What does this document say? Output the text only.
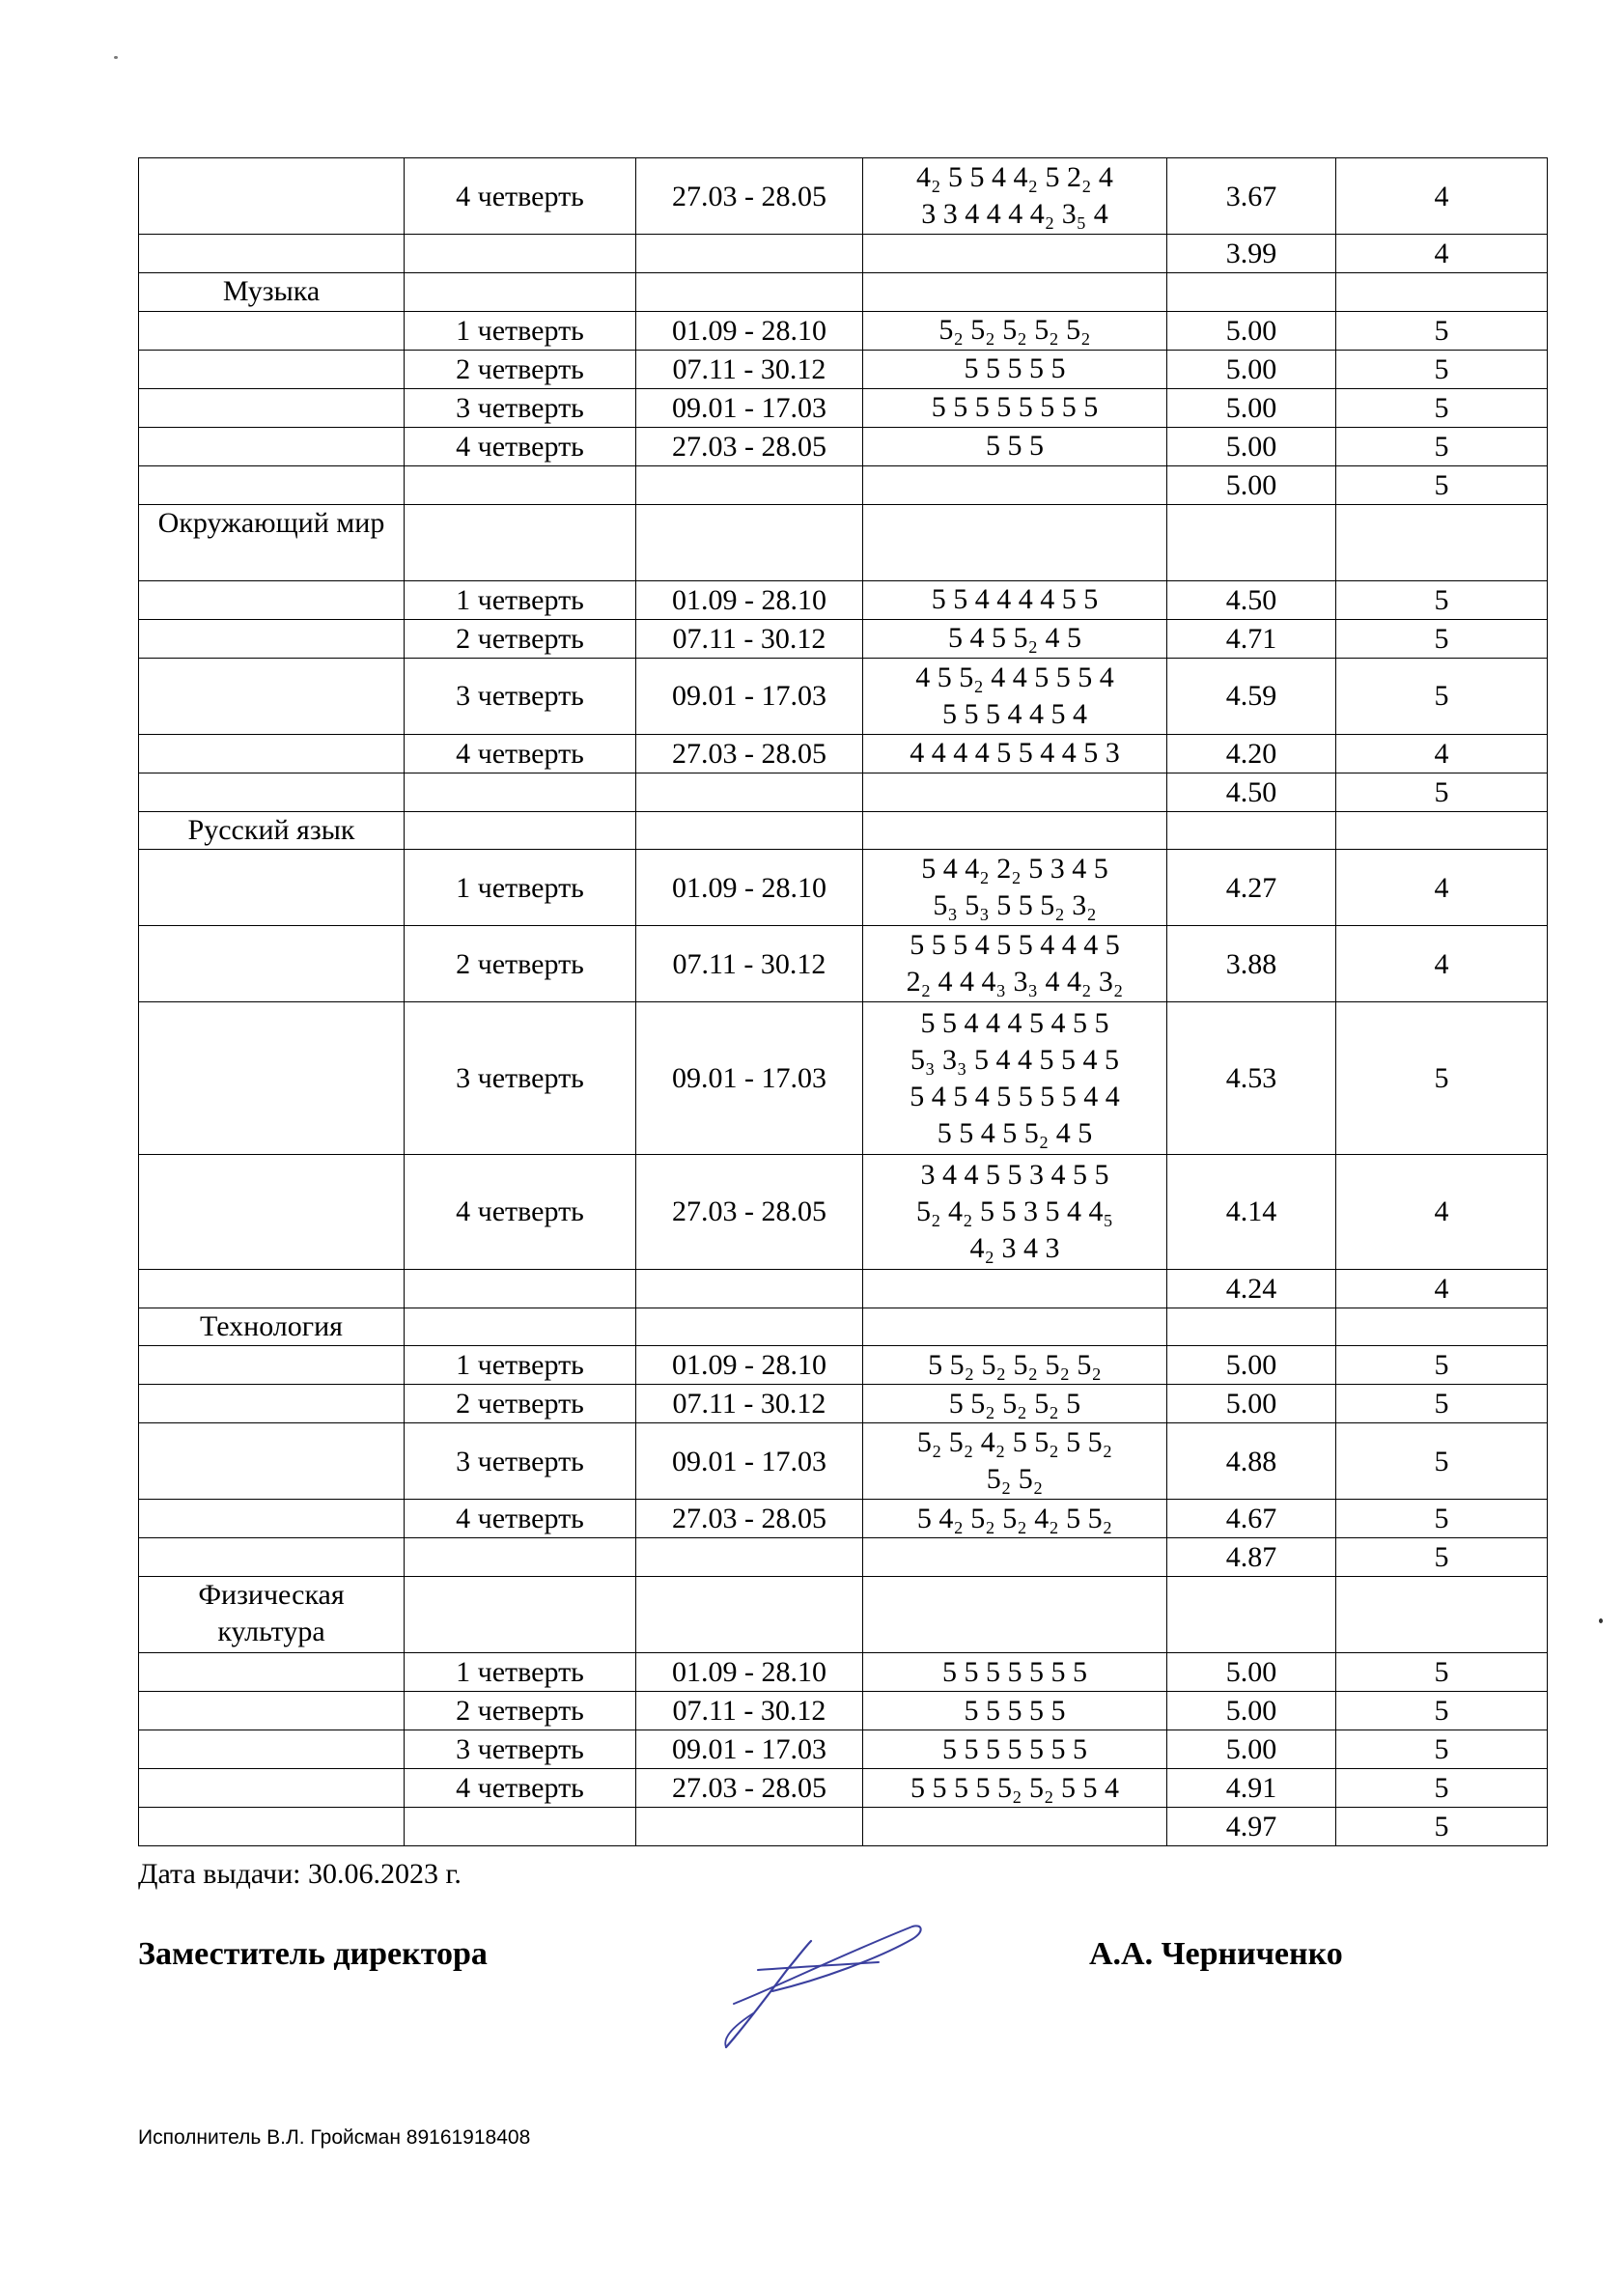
	4 четверть	27.03 - 28.05	4₂ 5 5 4 4₂ 5 2₂ 4
3 3 4 4 4 4₂ 3₅ 4	3.67	4
				3.99	4
Музыка					
	1 четверть	01.09 - 28.10	5₂ 5₂ 5₂ 5₂ 5₂	5.00	5
	2 четверть	07.11 - 30.12	5 5 5 5 5	5.00	5
	3 четверть	09.01 - 17.03	5 5 5 5 5 5 5 5	5.00	5
	4 четверть	27.03 - 28.05	5 5 5	5.00	5
				5.00	5
Окружающий мир					
	1 четверть	01.09 - 28.10	5 5 4 4 4 4 5 5	4.50	5
	2 четверть	07.11 - 30.12	5 4 5 5₂ 4 5	4.71	5
	3 четверть	09.01 - 17.03	4 5 5₂ 4 4 5 5 5 4
5 5 5 4 4 5 4	4.59	5
	4 четверть	27.03 - 28.05	4 4 4 4 5 5 4 4 5 3	4.20	4
				4.50	5
Русский язык					
	1 четверть	01.09 - 28.10	5 4 4₂ 2₂ 5 3 4 5
5₃ 5₃ 5 5 5₂ 3₂	4.27	4
	2 четверть	07.11 - 30.12	5 5 5 4 5 5 4 4 4 5
2₂ 4 4 4₃ 3₃ 4 4₂ 3₂	3.88	4
	3 четверть	09.01 - 17.03	5 5 4 4 4 5 4 5 5
5₃ 3₃ 5 4 4 5 5 4 5
5 4 5 4 5 5 5 5 4 4
5 5 4 5 5₂ 4 5	4.53	5
	4 четверть	27.03 - 28.05	3 4 4 5 5 3 4 5 5
5₂ 4₂ 5 5 3 5 4 4₅
4₂ 3 4 3	4.14	4
				4.24	4
Технология					
	1 четверть	01.09 - 28.10	5 5₂ 5₂ 5₂ 5₂ 5₂	5.00	5
	2 четверть	07.11 - 30.12	5 5₂ 5₂ 5₂ 5	5.00	5
	3 четверть	09.01 - 17.03	5₂ 5₂ 4₂ 5 5₂ 5 5₂
5₂ 5₂	4.88	5
	4 четверть	27.03 - 28.05	5 4₂ 5₂ 5₂ 4₂ 5 5₂	4.67	5
				4.87	5
Физическая культура					
	1 четверть	01.09 - 28.10	5 5 5 5 5 5 5	5.00	5
	2 четверть	07.11 - 30.12	5 5 5 5 5	5.00	5
	3 четверть	09.01 - 17.03	5 5 5 5 5 5 5	5.00	5
	4 четверть	27.03 - 28.05	5 5 5 5 5₂ 5₂ 5 5 4	4.91	5
				4.97	5
Дата выдачи: 30.06.2023 г.
Заместитель директора	А.А. Черниченко
Исполнитель В.Л. Гройсман 89161918408
